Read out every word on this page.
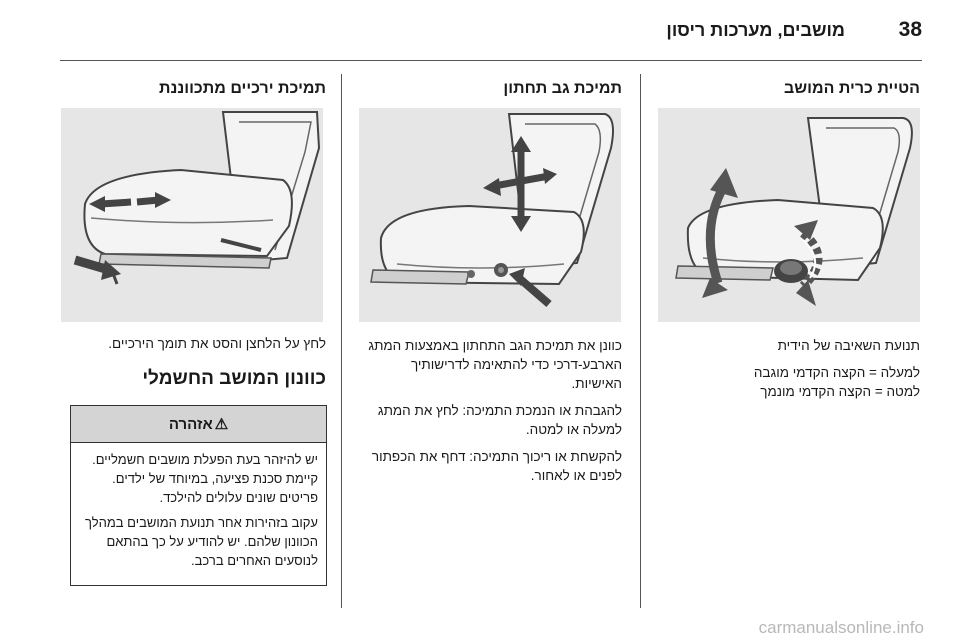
38
מושבים, מערכות ריסון
הטיית כרית המושב

תנועת השאיבה של הידית

למעלה = הקצה הקדמי מוגבה

למטה = הקצה הקדמי מונמך

תמיכת גב תחתון

כוונן את תמיכת הגב התחתון באמצעות המתג הארבע-דרכי כדי להתאימה לדרישותיך האישיות.

להגבהת או הנמכת התמיכה: לחץ את המתג למעלה או למטה.

להקשחת או ריכוך התמיכה: דחף את הכפתור לפנים או לאחור.

תמיכת ירכיים מתכווננת
לחץ על הלחצן והסט את תומך הירכיים.
כוונון המושב החשמלי
⚠
אזהרה

יש להיזהר בעת הפעלת מושבים חשמליים. קיימת סכנת פציעה, במיוחד של ילדים. פריטים שונים עלולים להילכד.

עקוב בזהירות אחר תנועת המושבים במהלך הכוונון שלהם. יש להודיע על כך בהתאם לנוסעים האחרים ברכב.

carmanualsonline.info
